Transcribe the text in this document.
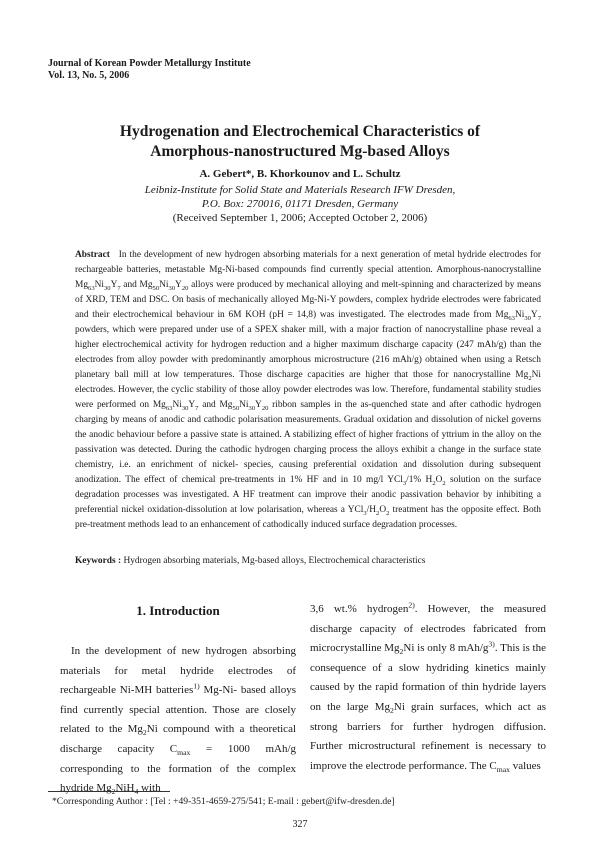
Journal of Korean Powder Metallurgy Institute
Vol. 13, No. 5, 2006
Hydrogenation and Electrochemical Characteristics of
Amorphous-nanostructured Mg-based Alloys
A. Gebert*, B. Khorkounov and L. Schultz
Leibniz-Institute for Solid State and Materials Research IFW Dresden,
P.O. Box: 270016, 01171 Dresden, Germany
(Received September 1, 2006; Accepted October 2, 2006)
Abstract In the development of new hydrogen absorbing materials for a next generation of metal hydride electrodes for rechargeable batteries, metastable Mg-Ni-based compounds find currently special attention. Amorphous-nanocrystalline $Mg_{63}Ni_{30}Y_7$ and $Mg_{50}Ni_{30}Y_{20}$ alloys were produced by mechanical alloying and melt-spinning and characterized by means of XRD, TEM and DSC. On basis of mechanically alloyed Mg-Ni-Y powders, complex hydride electrodes were fabricated and their electrochemical behaviour in 6M KOH (pH = 14,8) was investigated. The electrodes made from $Mg_{63}Ni_{30}Y_7$ powders, which were prepared under use of a SPEX shaker mill, with a major fraction of nanocrystalline phase reveal a higher electrochemical activity for hydrogen reduction and a higher maximum discharge capacity (247 mAh/g) than the electrodes from alloy powder with predominantly amorphous microstructure (216 mAh/g) obtained when using a Retsch planetary ball mill at low temperatures. Those discharge capacities are higher that those for nanocrystalline $Mg_2Ni$ electrodes. However, the cyclic stability of those alloy powder electrodes was low. Therefore, fundamental stability studies were performed on $Mg_{63}Ni_{30}Y_7$ and $Mg_{50}Ni_{30}Y_{20}$ ribbon samples in the as-quenched state and after cathodic hydrogen charging by means of anodic and cathodic polarisation measurements. Gradual oxidation and dissolution of nickel governs the anodic behaviour before a passive state is attained. A stabilizing effect of higher fractions of yttrium in the alloy on the passivation was detected. During the cathodic hydrogen charging process the alloys exhibit a change in the surface state chemistry, i.e. an enrichment of nickel- species, causing preferential oxidation and dissolution during subsequent anodization. The effect of chemical pre-treatments in 1% HF and in 10 mg/l YCl$_3$/1% $H_2O_2$ solution on the surface degradation processes was investigated. A HF treatment can improve their anodic passivation behavior by inhibiting a preferential nickel oxidation-dissolution at low polarisation, whereas a $YCl_3/H_2O_2$ treatment has the opposite effect. Both pre-treatment methods lead to an enhancement of cathodically induced surface degradation processes.
Keywords : Hydrogen absorbing materials, Mg-based alloys, Electrochemical characteristics
1. Introduction

In the development of new hydrogen absorbing materials for metal hydride electrodes of rechargeable Ni-MH batteries$^{1)}$ Mg-Ni- based alloys find currently special attention. Those are closely related to the $Mg_2Ni$ compound with a theoretical discharge capacity $C_{max} = 1000$ mAh/g corresponding to the formation of the complex hydride $Mg_2NiH_4$ with

3,6 wt.% hydrogen$^{2)}$. However, the measured discharge capacity of electrodes fabricated from microcrystalline $Mg_2Ni$ is only 8 mAh/$g^{3)}$. This is the consequence of a slow hydriding kinetics mainly caused by the rapid formation of thin hydride layers on the large $Mg_2Ni$ grain surfaces, which act as strong barriers for further hydrogen diffusion. Further microstructural refinement is necessary to improve the electrode performance. The $C_{max}$ values

*Corresponding Author : [Tel : +49-351-4659-275/541; E-mail : gebert@ifw-dresden.de]
327
